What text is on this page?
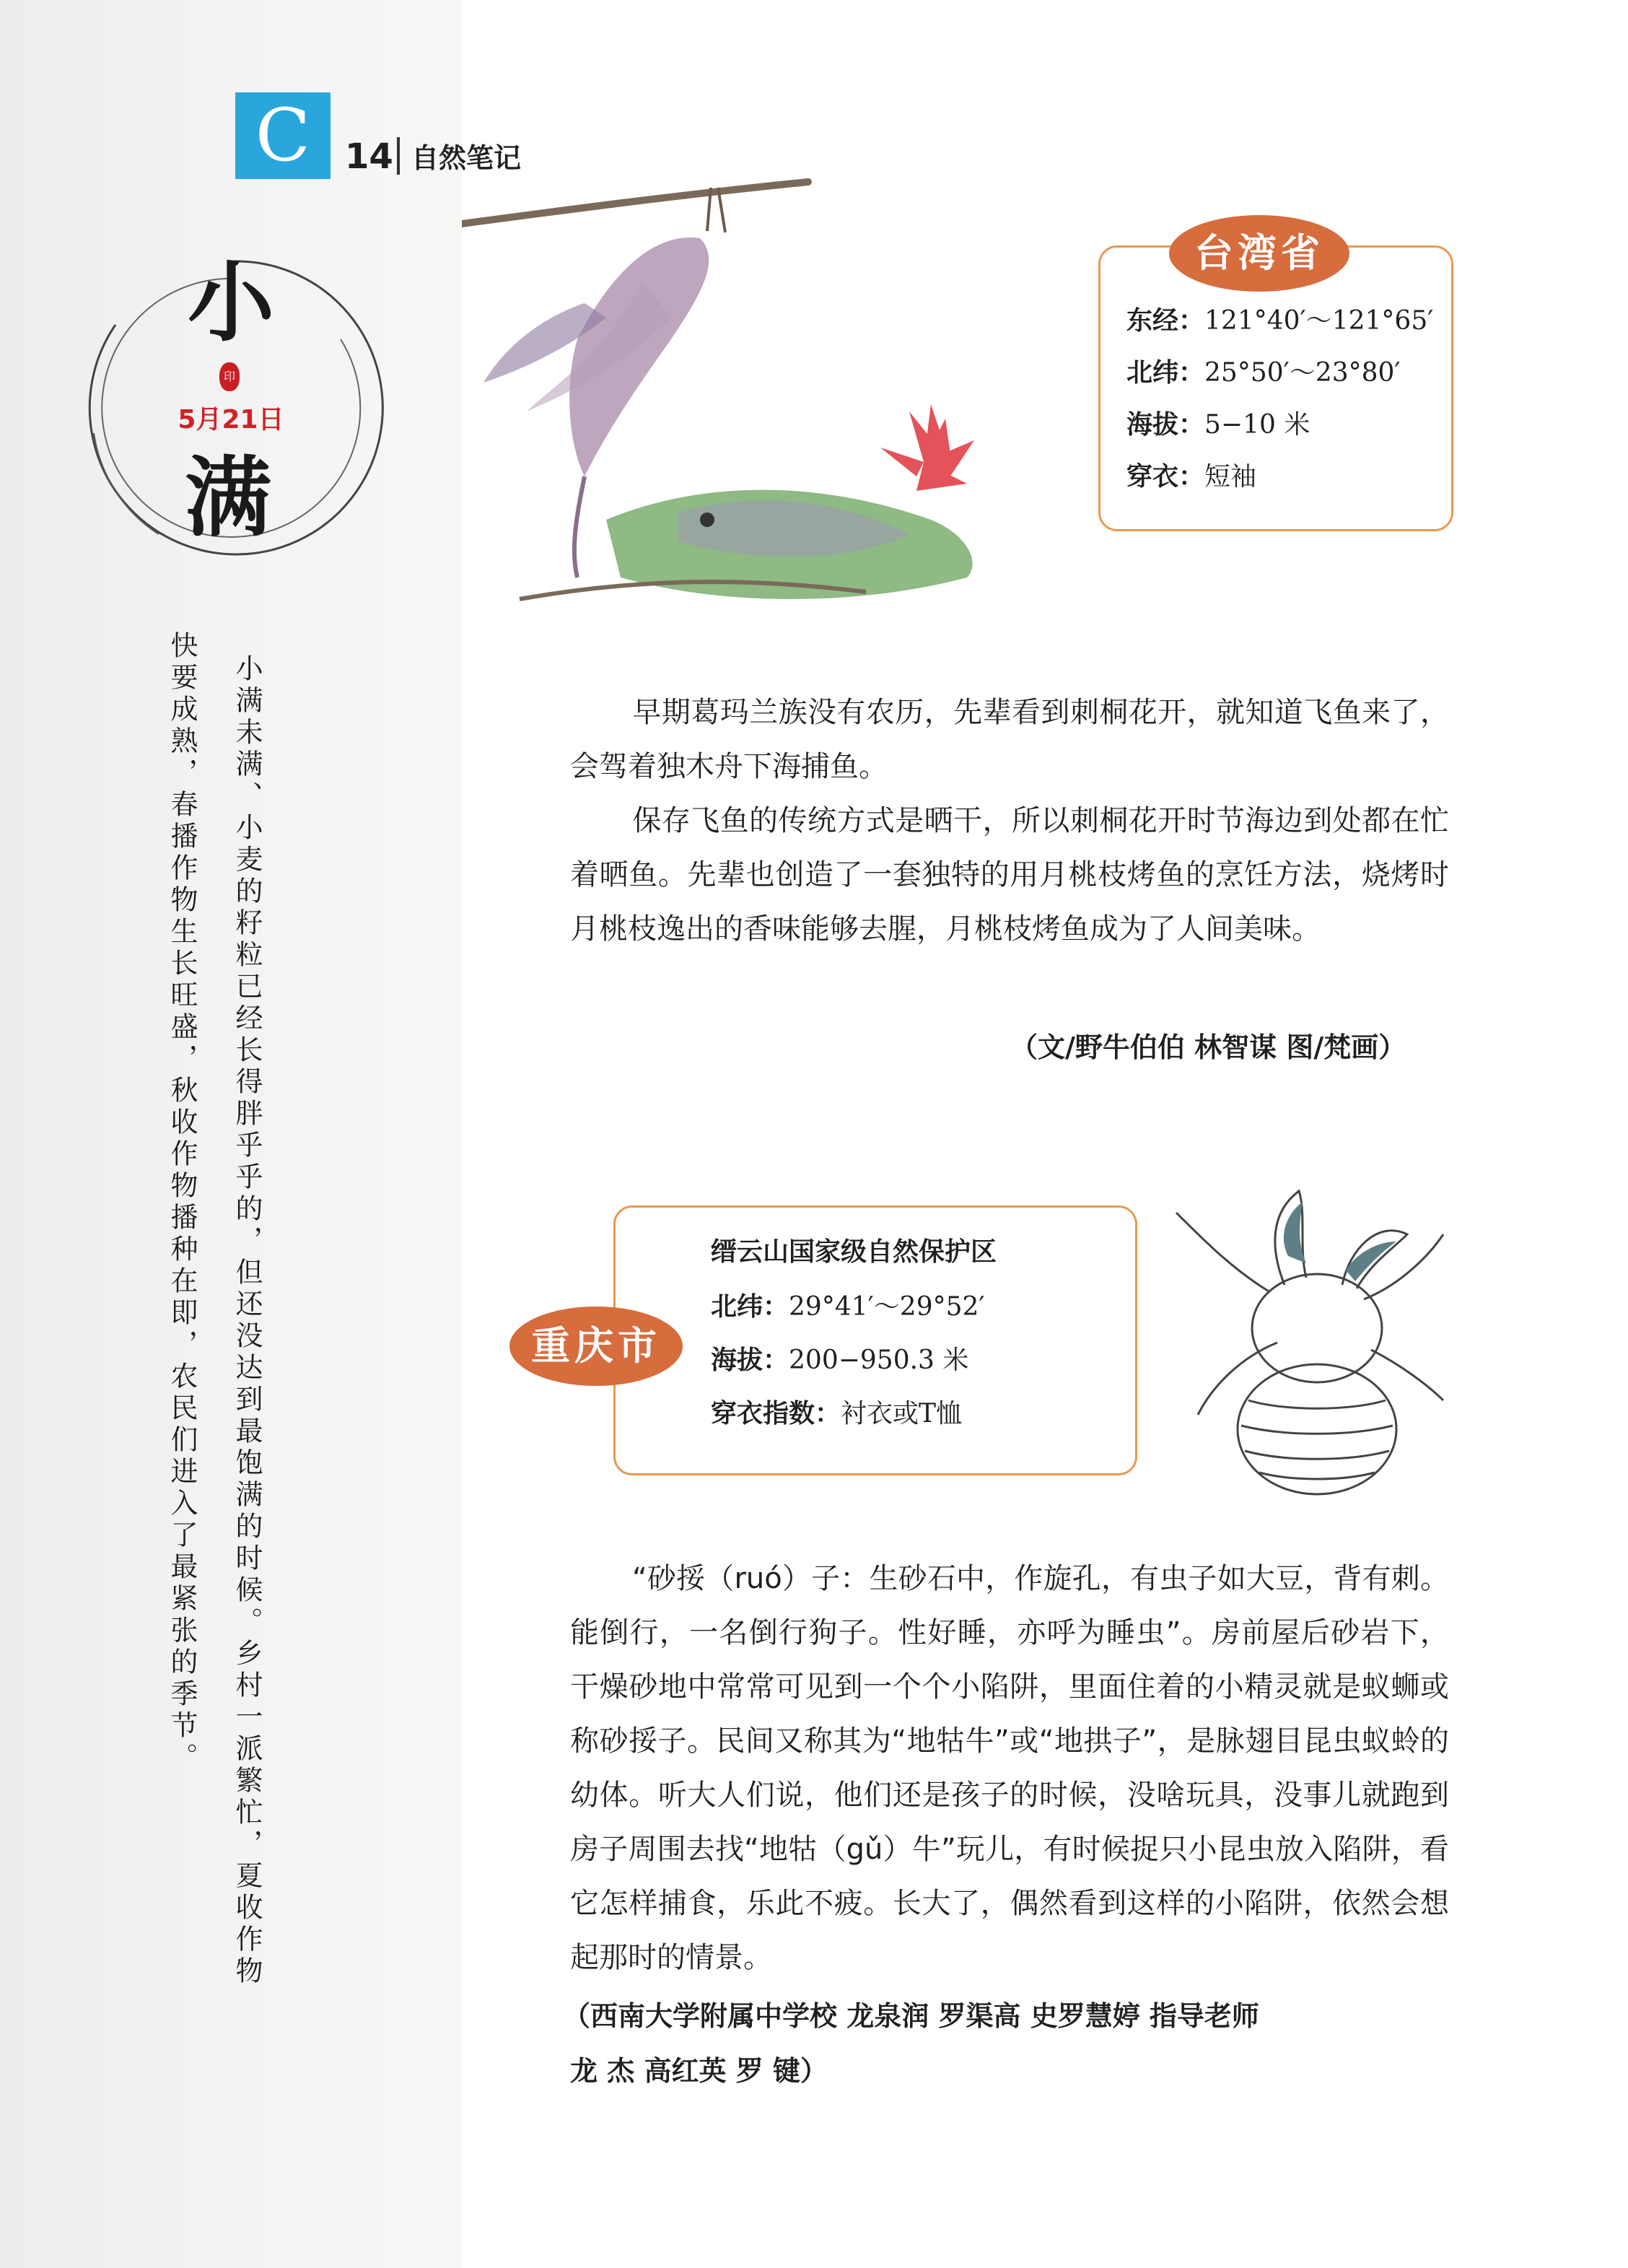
C 14 自然笔记
小
印
5月21日
满
小满未满、小麦的籽粒已经长得胖乎乎的，但还没达到最饱满的时候。乡村一派繁忙，夏收作物
快要成熟，春播作物生长旺盛，秋收作物播种在即，农民们进入了最紧张的季节。
东经：121°40′～121°65′
北纬：25°50′～23°80′
海拔：5−10 米
穿衣：短袖
台湾省
早期葛玛兰族没有农历，先辈看到刺桐花开，就知道飞鱼来了，会驾着独木舟下海捕鱼。
保存飞鱼的传统方式是晒干，所以刺桐花开时节海边到处都在忙着晒鱼。先辈也创造了一套独特的用月桃枝烤鱼的烹饪方法，烧烤时月桃枝逸出的香味能够去腥，月桃枝烤鱼成为了人间美味。
（文/野牛伯伯 林智谋 图/梵画）
缙云山国家级自然保护区
北纬：29°41′～29°52′
海拔：200−950.3 米
穿衣指数：衬衣或T恤
重庆市
“砂挼（ruó）子：生砂石中，作旋孔，有虫子如大豆，背有刺。能倒行，一名倒行狗子。性好睡，亦呼为睡虫”。房前屋后砂岩下，干燥砂地中常常可见到一个个小陷阱，里面住着的小精灵就是蚁蛳或称砂挼子。民间又称其为“地牯牛”或“地拱子”，是脉翅目昆虫蚁蛉的幼体。听大人们说，他们还是孩子的时候，没啥玩具，没事儿就跑到房子周围去找“地牯（gǔ）牛”玩儿，有时候捉只小昆虫放入陷阱，看它怎样捕食，乐此不疲。长大了，偶然看到这样的小陷阱，依然会想起那时的情景。
（西南大学附属中学校 龙泉润 罗渠高 史罗慧婷 指导老师
龙 杰 高红英 罗 键）
